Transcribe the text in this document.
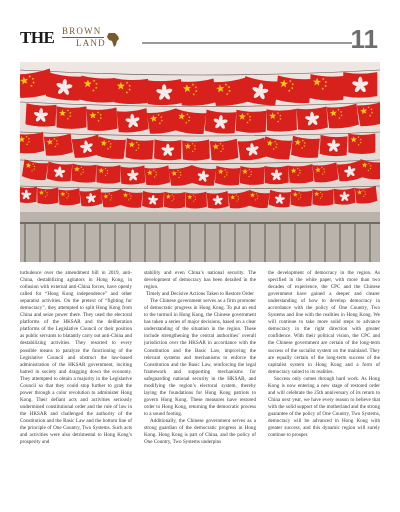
THE BROWN
LAND	11

turbulence over the amendment bill in 2019, anti-China, destabilizing agitators in Hong Kong, in collusion with external anti-China forces, have openly called for “Hong Kong independence” and other separatist activities. On the pretext of “fighting for democracy”, they attempted to split Hong Kong from China and seize power there. They used the electoral platforms of the HKSAR and the deliberation platforms of the Legislative Council or their position as public servants to blatantly carry out anti-China and destabilizing activities. They resorted to every possible means to paralyze the functioning of the Legislative Council and obstruct the law-based administration of the HKSAR government, inciting hatred in society and dragging down the economy. They attempted to obtain a majority in the Legislative Council so that they could stop further to grab the power through a color revolution to administer Hong Kong. Their defiant acts and activities seriously undermined constitutional order and the rule of law in the HKSAR and challenged the authority of the Constitution and the Basic Law and the bottom line of the principle of One Country, Two Systems. Such acts and activities were also detrimental to Hong Kong’s prosperity and

stability and even China’s national security. The development of democracy has been derailed in the region.

Timely and Decisive Actions Taken to Restore Order

The Chinese government serves as a firm promoter of democratic progress in Hong Kong. To put an end to the turmoil in Hong Kong, the Chinese government has taken a series of major decisions, based on a clear understanding of the situation in the region. These include strengthening the central authorities’ overall jurisdiction over the HKSAR in accordance with the Constitution and the Basic Law, improving the relevant systems and mechanisms to enforce the Constitution and the Basic Law, reinforcing the legal framework and supporting mechanisms for safeguarding national security in the HKSAR, and modifying the region’s electoral system, thereby laying the foundations for Hong Kong patriots to govern Hong Kong. These measures have restored order to Hong Kong, returning the democratic process to a sound footing.

Additionally, the Chinese government serves as a strong guardian of the democratic progress in Hong Kong. Hong Kong is part of China, and the policy of One Country, Two Systems underpins

the development of democracy in the region. As specified in the white paper, with more than two decades of experience, the CPC and the Chinese government have gained a deeper and clearer understanding of how to develop democracy in accordance with the policy of One Country, Two Systems and line with the realities in Hong Kong. We will continue to take more solid steps to advance democracy in the right direction with greater confidence. With their political vision, the CPC and the Chinese government are certain of the long-term success of the socialist system on the mainland. They are equally certain of the long-term success of the capitalist system in Hong Kong and a form of democracy suited to its realities.

Success only comes through hard work. As Hong Kong is now entering a new stage of restored order and will celebrate the 25th anniversary of its return to China next year, we have every reason to believe that with the solid support of the motherland and the strong guarantee of the policy of One Country, Two Systems, democracy will be advanced in Hong Kong with greater success, and this dynamic region will surely continue to prosper.
